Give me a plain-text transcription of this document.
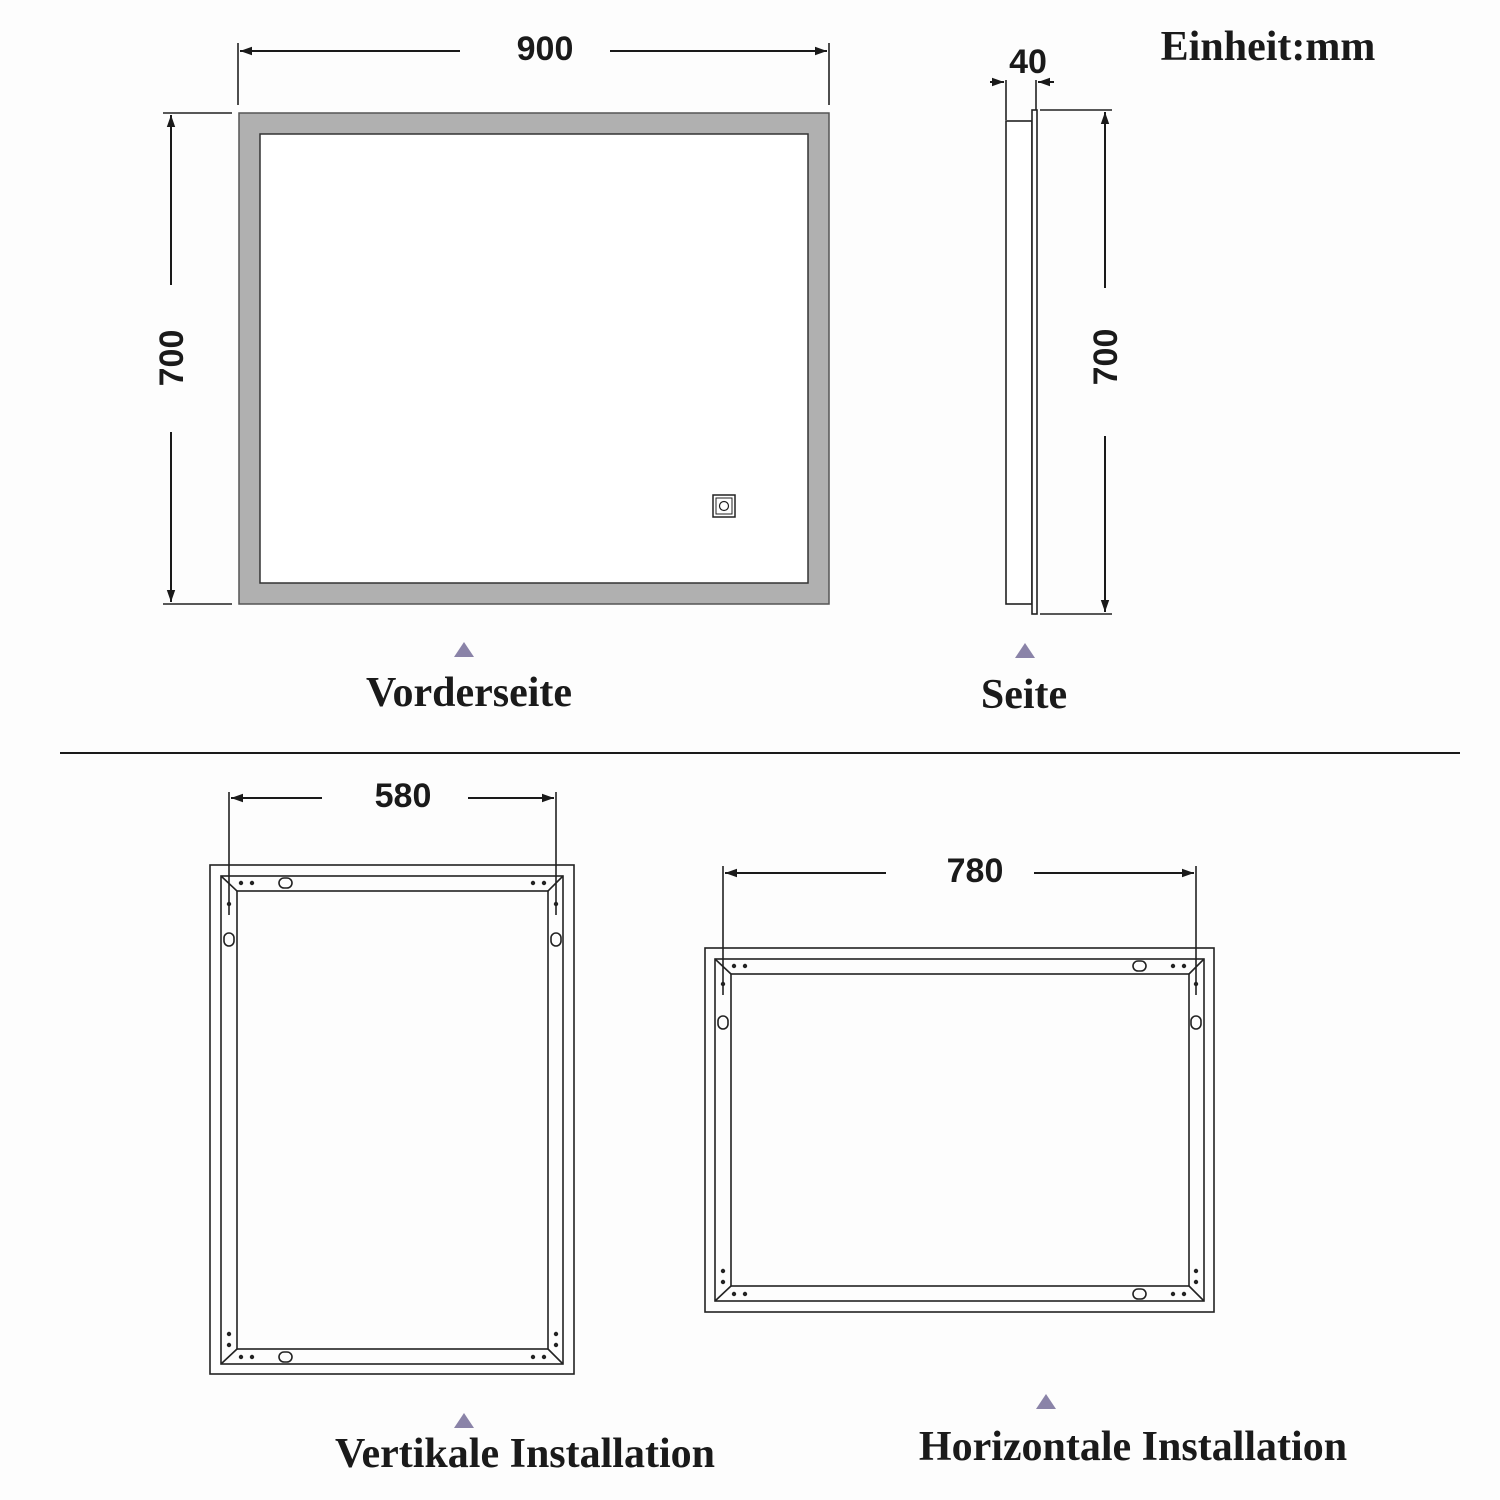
900
700
Vorderseite
40
700
Seite
Einheit:mm
580
Vertikale Installation
780
Horizontale Installation
